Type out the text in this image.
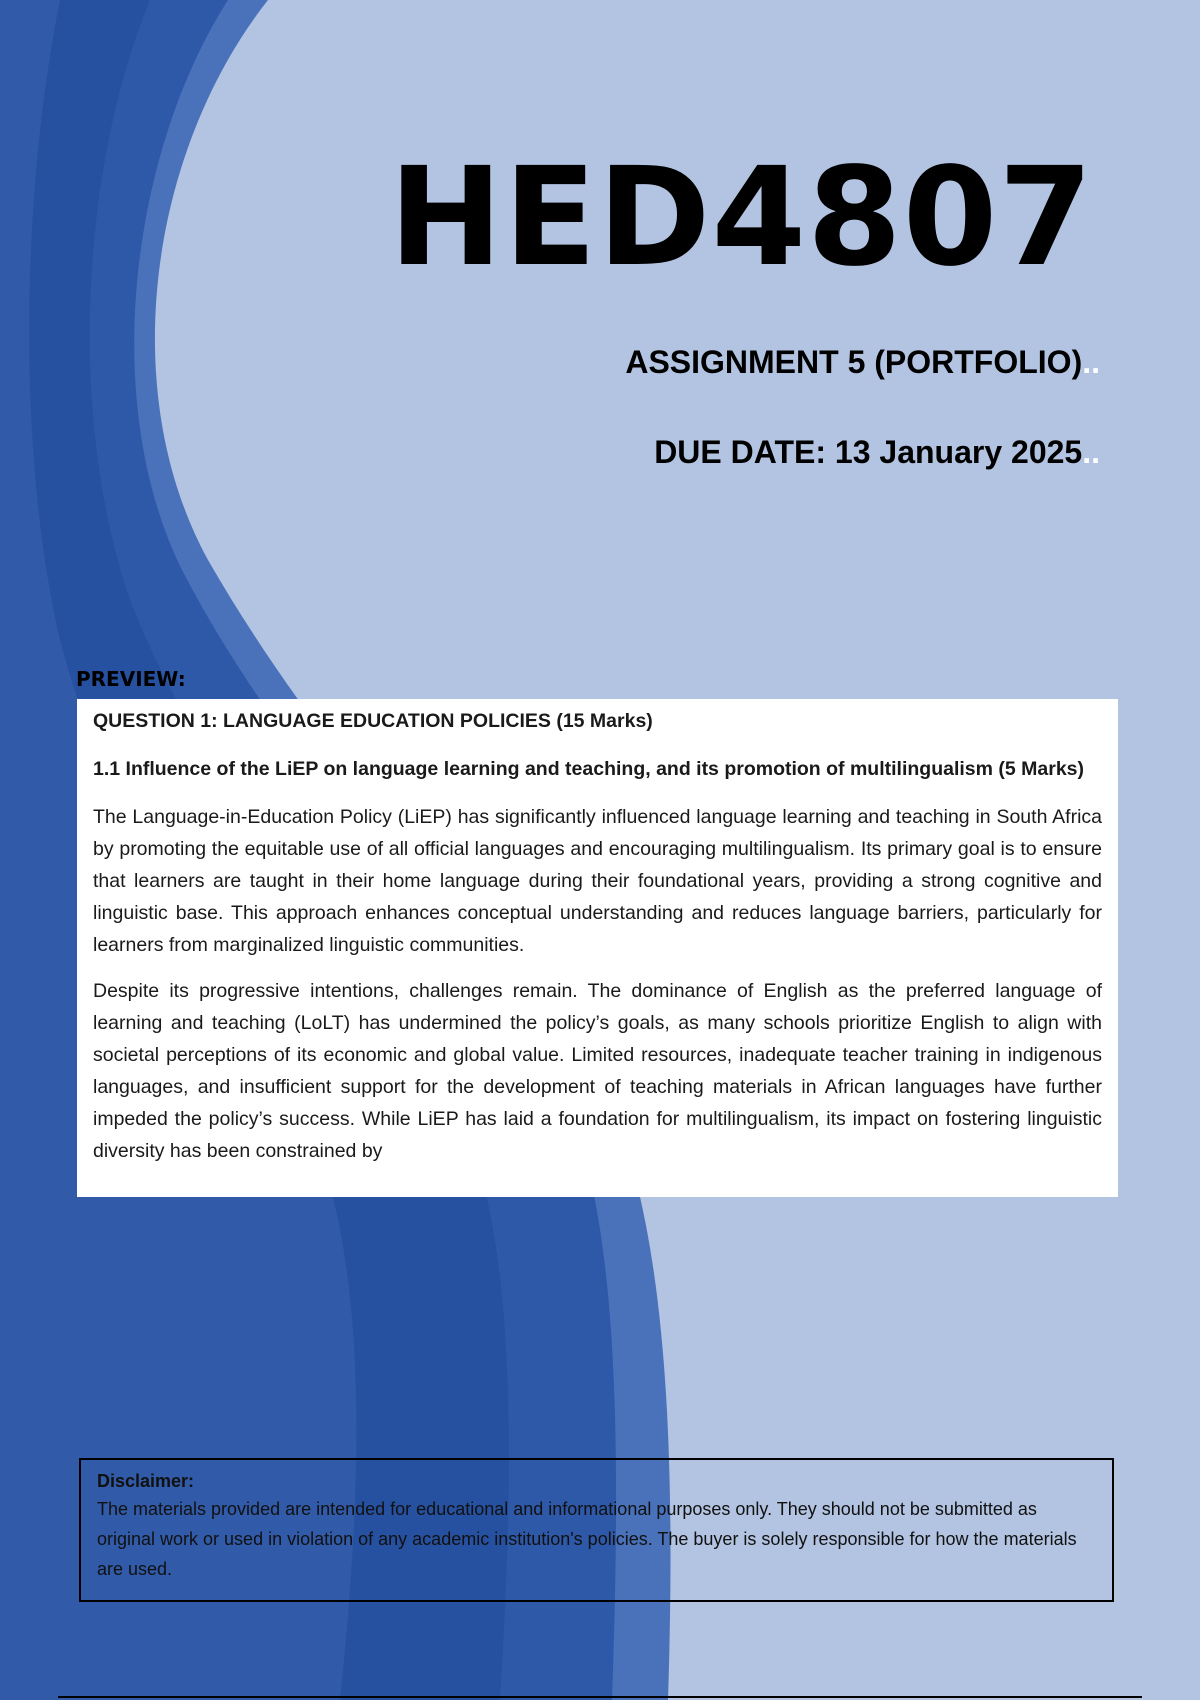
HED4807
ASSIGNMENT 5 (PORTFOLIO)..
DUE DATE: 13 January 2025..
PREVIEW:

QUESTION 1: LANGUAGE EDUCATION POLICIES (15 Marks)

1.1 Influence of the LiEP on language learning and teaching, and its promotion of multilingualism (5 Marks)

The Language-in-Education Policy (LiEP) has significantly influenced language learning and teaching in South Africa by promoting the equitable use of all official languages and encouraging multilingualism. Its primary goal is to ensure that learners are taught in their home language during their foundational years, providing a strong cognitive and linguistic base. This approach enhances conceptual understanding and reduces language barriers, particularly for learners from marginalized linguistic communities.

Despite its progressive intentions, challenges remain. The dominance of English as the preferred language of learning and teaching (LoLT) has undermined the policy’s goals, as many schools prioritize English to align with societal perceptions of its economic and global value. Limited resources, inadequate teacher training in indigenous languages, and insufficient support for the development of teaching materials in African languages have further impeded the policy’s success. While LiEP has laid a foundation for multilingualism, its impact on fostering linguistic diversity has been constrained by

Disclaimer:
The materials provided are intended for educational and informational purposes only. They should not be submitted as original work or used in violation of any academic institution's policies. The buyer is solely responsible for how the materials are used.
